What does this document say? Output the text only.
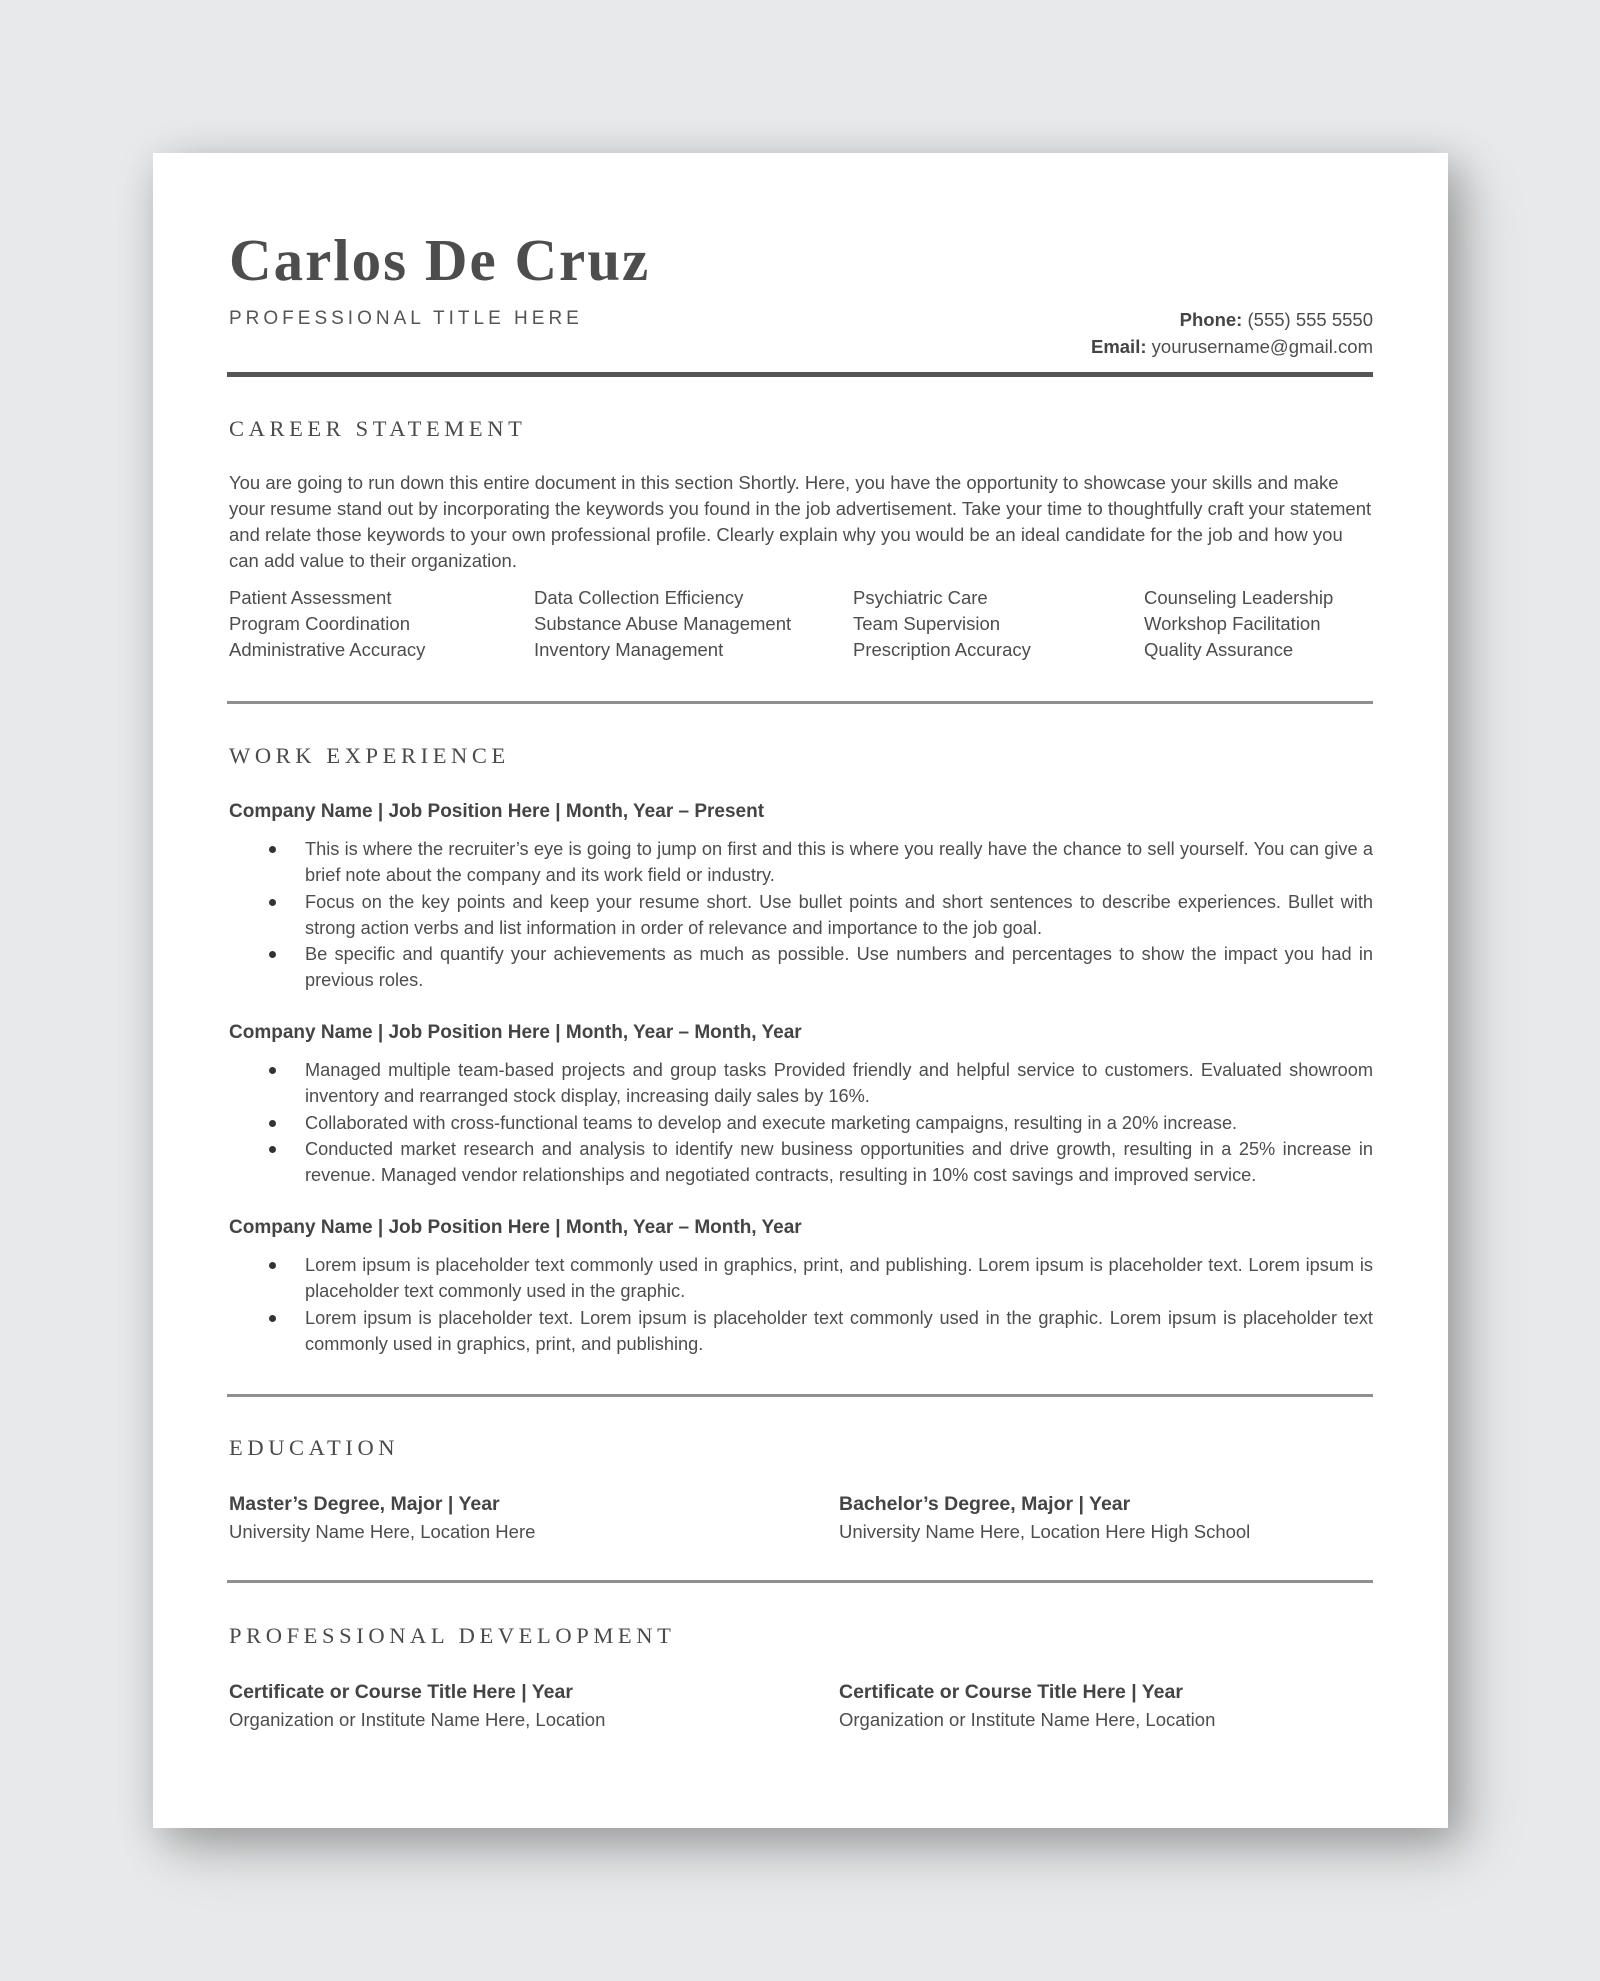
Carlos De Cruz
PROFESSIONAL TITLE HERE	Phone: (555) 555 5550
Email: yourusername@gmail.com
CAREER STATEMENT

You are going to run down this entire document in this section Shortly. Here, you have the opportunity to showcase your skills and make your resume stand out by incorporating the keywords you found in the job advertisement. Take your time to thoughtfully craft your statement and relate those keywords to your own professional profile. Clearly explain why you would be an ideal candidate for the job and how you can add value to their organization.

Patient Assessment
Program Coordination
Administrative Accuracy
Data Collection Efficiency
Substance Abuse Management
Inventory Management
Psychiatric Care
Team Supervision
Prescription Accuracy
Counseling Leadership
Workshop Facilitation
Quality Assurance
WORK EXPERIENCE
Company Name | Job Position Here | Month, Year – Present
This is where the recruiter’s eye is going to jump on first and this is where you really have the chance to sell yourself. You can give a brief note about the company and its work field or industry.
Focus on the key points and keep your resume short. Use bullet points and short sentences to describe experiences. Bullet with strong action verbs and list information in order of relevance and importance to the job goal.
Be specific and quantify your achievements as much as possible. Use numbers and percentages to show the impact you had in previous roles.
Company Name | Job Position Here | Month, Year – Month, Year
Managed multiple team-based projects and group tasks Provided friendly and helpful service to customers. Evaluated showroom inventory and rearranged stock display, increasing daily sales by 16%.
Collaborated with cross-functional teams to develop and execute marketing campaigns, resulting in a 20% increase.
Conducted market research and analysis to identify new business opportunities and drive growth, resulting in a 25% increase in revenue. Managed vendor relationships and negotiated contracts, resulting in 10% cost savings and improved service.
Company Name | Job Position Here | Month, Year – Month, Year
Lorem ipsum is placeholder text commonly used in graphics, print, and publishing. Lorem ipsum is placeholder text. Lorem ipsum is placeholder text commonly used in the graphic.
Lorem ipsum is placeholder text. Lorem ipsum is placeholder text commonly used in the graphic. Lorem ipsum is placeholder text commonly used in graphics, print, and publishing.
EDUCATION
Master’s Degree, Major | Year
University Name Here, Location Here
Bachelor’s Degree, Major | Year
University Name Here, Location Here High School
PROFESSIONAL DEVELOPMENT
Certificate or Course Title Here | Year
Organization or Institute Name Here, Location
Certificate or Course Title Here | Year
Organization or Institute Name Here, Location
